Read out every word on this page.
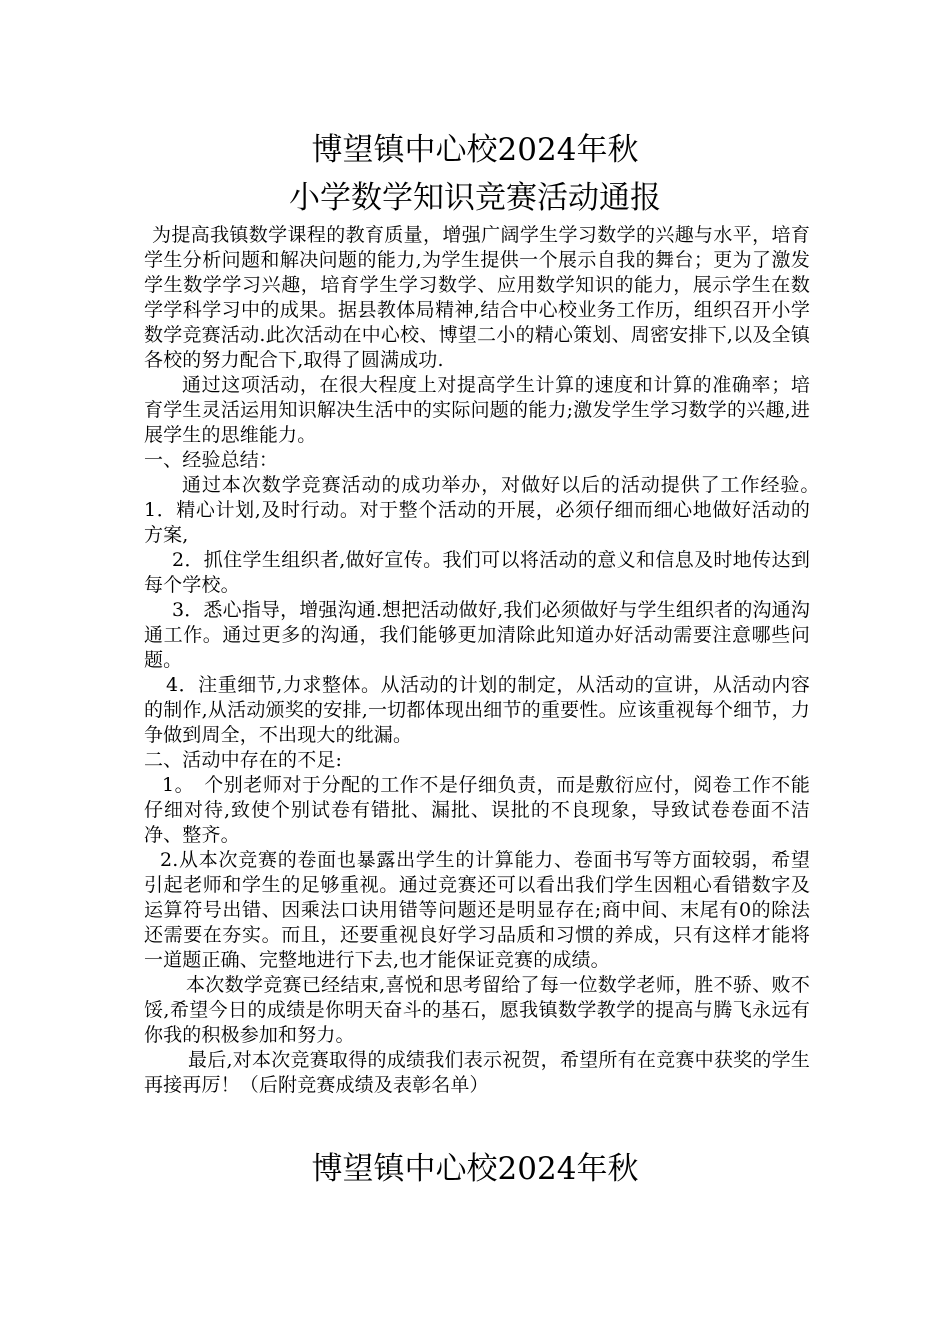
博望镇中心校2024年秋
小学数学知识竞赛活动通报

为提高我镇数学课程的教育质量，增强广阔学生学习数学的兴趣与水平，培育学生分析问题和解决问题的能力,为学生提供一个展示自我的舞台；更为了激发学生数学学习兴趣，培育学生学习数学、应用数学知识的能力，展示学生在数学学科学习中的成果。据县教体局精神,结合中心校业务工作历，组织召开小学数学竞赛活动.此次活动在中心校、博望二小的精心策划、周密安排下,以及全镇各校的努力配合下,取得了圆满成功.

通过这项活动，在很大程度上对提高学生计算的速度和计算的准确率；培育学生灵活运用知识解决生活中的实际问题的能力;激发学生学习数学的兴趣,进展学生的思维能力。

一、经验总结：

通过本次数学竞赛活动的成功举办，对做好以后的活动提供了工作经验。　1．精心计划,及时行动。对于整个活动的开展，必须仔细而细心地做好活动的方案,

2．抓住学生组织者,做好宣传。我们可以将活动的意义和信息及时地传达到每个学校。

3．悉心指导，增强沟通.想把活动做好,我们必须做好与学生组织者的沟通沟通工作。通过更多的沟通，我们能够更加清除此知道办好活动需要注意哪些问题。

4．注重细节,力求整体。从活动的计划的制定，从活动的宣讲，从活动内容的制作,从活动颁奖的安排,一切都体现出细节的重要性。应该重视每个细节，力争做到周全，不出现大的纰漏。

二、活动中存在的不足:

1。　个别老师对于分配的工作不是仔细负责，而是敷衍应付，阅卷工作不能仔细对待,致使个别试卷有错批、漏批、误批的不良现象，导致试卷卷面不洁净、整齐。

2.从本次竞赛的卷面也暴露出学生的计算能力、卷面书写等方面较弱，希望引起老师和学生的足够重视。通过竞赛还可以看出我们学生因粗心看错数字及运算符号出错、因乘法口诀用错等问题还是明显存在;商中间、末尾有0的除法还需要在夯实。而且，还要重视良好学习品质和习惯的养成，只有这样才能将一道题正确、完整地进行下去,也才能保证竞赛的成绩。

本次数学竞赛已经结束,喜悦和思考留给了每一位数学老师，胜不骄、败不馁,希望今日的成绩是你明天奋斗的基石，愿我镇数学教学的提高与腾飞永远有你我的积极参加和努力。

最后,对本次竞赛取得的成绩我们表示祝贺，希望所有在竞赛中获奖的学生再接再厉！（后附竞赛成绩及表彰名单）

博望镇中心校2024年秋
